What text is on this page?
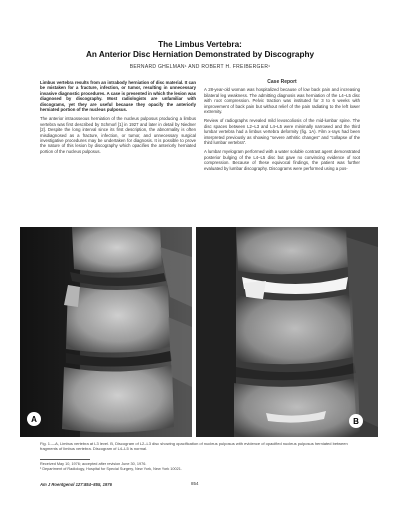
The Limbus Vertebra:
An Anterior Disc Herniation Demonstrated by Discography
BERNARD GHELMAN¹ AND ROBERT H. FREIBERGER¹

Limbus vertebra results from an intrabody herniation of disc material. It can be mistaken for a fracture, infection, or tumor, resulting in unnecessary invasive diagnostic procedures. A case is presented in which the lesion was diagnosed by discography. Most radiologists are unfamiliar with discograms, yet they are useful because they opacify the anteriorly herniated portion of the nucleus pulposus.

The anterior intraosseous herniation of the nucleus pulposus producing a limbus vertebra was first described by Schmorl [1] in 1927 and later in detail by Niedner [2]. Despite the long interval since its first description, the abnormality is often misdiagnosed as a fracture, infection, or tumor, and unnecessary surgical investigative procedures may be undertaken for diagnosis. It is possible to prove the nature of this lesion by discography which opacifies the anteriorly herniated portion of the nucleus pulposus.

Case Report

A 28-year-old woman was hospitalized because of low back pain and increasing bilateral leg weakness. The admitting diagnosis was herniation of the L4–L5 disc with root compression. Pelvic traction was instituted for 3 to 6 weeks with improvement of back pain but without relief of the pain radiating to the left lower extremity.

Review of radiographs revealed mild levoscoliosis of the mid-lumbar spine. The disc spaces between L2–L3 and L4–L5 were minimally narrowed and the third lumbar vertebra had a limbus vertebra deformity (fig. 1A). Film x-rays had been interpreted previously as showing "severe arthritic changes" and "collapse of the third lumbar vertebra".

A lumbar myelogram performed with a water soluble contrast agent demonstrated posterior bulging of the L4–L5 disc but gave no convincing evidence of root compression. Because of these equivocal findings, the patient was further evaluated by lumbar discography. Discograms were performed using a pos-

A	B
Fig. 1.—A, Limbus vertebra at L3 level. B, Discogram of L2–L3 disc showing opacification of nucleus pulposus with evidence of opacified nucleus pulposus herniated between fragments of limbus vertebra. Discogram of L4–L5 is normal.
Received May 10, 1976; accepted after revision June 30, 1976.
¹ Department of Radiology, Hospital for Special Surgery, New York, New York 10021.
Am J Roentgenol 127:854–855, 1976	854
